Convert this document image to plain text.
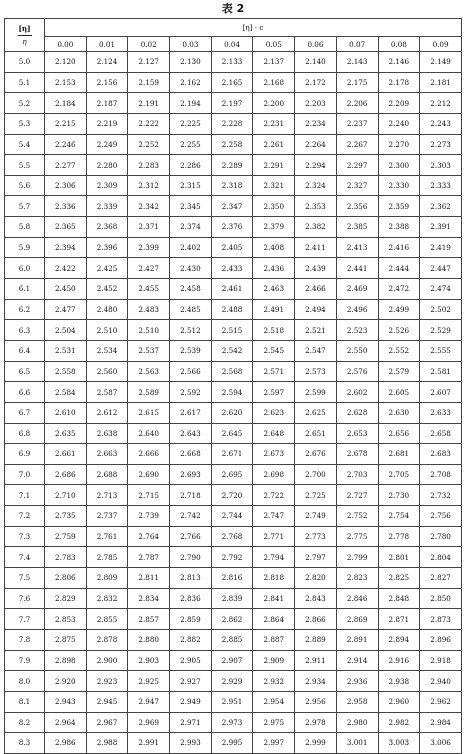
表 2
[η]
η	[η] · c									
	0.00	0.01	0.02	0.03	0.04	0.05	0.06	0.07	0.08	0.09
5.0	2.120	2.124	2.127	2.130	2.133	2.137	2.140	2.143	2.146	2.149
5.1	2.153	2.156	2.159	2.162	2.165	2.168	2.172	2.175	2.178	2.181
5.2	2.184	2.187	2.191	2.194	2.197	2.200	2.203	2.206	2.209	2.212
5.3	2.215	2.219	2.222	2.225	2.228	2.231	2.234	2.237	2.240	2.243
5.4	2.246	2.249	2.252	2.255	2.258	2.261	2.264	2.267	2.270	2.273
5.5	2.277	2.280	2.283	2.286	2.289	2.291	2.294	2.297	2.300	2.303
5.6	2.306	2.309	2.312	2.315	2.318	2.321	2.324	2.327	2.330	2.333
5.7	2.336	2.339	2.342	2.345	2.347	2.350	2.353	2.356	2.359	2.362
5.8	2.365	2.368	2.371	2.374	2.376	2.379	2.382	2.385	2.388	2.391
5.9	2.394	2.396	2.399	2.402	2.405	2.408	2.411	2.413	2.416	2.419
6.0	2.422	2.425	2.427	2.430	2.433	2.436	2.439	2.441	2.444	2.447
6.1	2.450	2.452	2.455	2.458	2.461	2.463	2.466	2.469	2.472	2.474
6.2	2.477	2.480	2.483	2.485	2.488	2.491	2.494	2.496	2.499	2.502
6.3	2.504	2.510	2.510	2.512	2.515	2.518	2.521	2.523	2.526	2.529
6.4	2.531	2.534	2.537	2.539	2.542	2.545	2.547	2.550	2.552	2.555
6.5	2.558	2.560	2.563	2.566	2.568	2.571	2.573	2.576	2.579	2.581
6.6	2.584	2.587	2.589	2.592	2.594	2.597	2.599	2.602	2.605	2.607
6.7	2.610	2.612	2.615	2.617	2.620	2.623	2.625	2.628	2.630	2.633
6.8	2.635	2.638	2.640	2.643	2.645	2.648	2.651	2.653	2.656	2.658
6.9	2.661	2.663	2.666	2.668	2.671	2.673	2.676	2.678	2.681	2.683
7.0	2.686	2.688	2.690	2.693	2.695	2.698	2.700	2.703	2.705	2.708
7.1	2.710	2.713	2.715	2.718	2.720	2.722	2.725	2.727	2.730	2.732
7.2	2.735	2.737	2.739	2.742	2.744	2.747	2.749	2.752	2.754	2.756
7.3	2.759	2.761	2.764	2.766	2.768	2.771	2.773	2.775	2.778	2.780
7.4	2.783	2.785	2.787	2.790	2.792	2.794	2.797	2.799	2.801	2.804
7.5	2.806	2.809	2.811	2.813	2.816	2.818	2.820	2.823	2.825	2.827
7.6	2.829	2.832	2.834	2.836	2.839	2.841	2.843	2.846	2.848	2.850
7.7	2.853	2.855	2.857	2.859	2.862	2.864	2.866	2.869	2.871	2.873
7.8	2.875	2.878	2.880	2.882	2.885	2.887	2.889	2.891	2.894	2.896
7.9	2.898	2.900	2.903	2.905	2.907	2.909	2.911	2.914	2.916	2.918
8.0	2.920	2.923	2.925	2.927	2.929	2.932	2.934	2.936	2.938	2.940
8.1	2.943	2.945	2.947	2.949	2.951	2.954	2.956	2.958	2.960	2.962
8.2	2.964	2.967	2.969	2.971	2.973	2.975	2.978	2.980	2.982	2.984
8.3	2.986	2.988	2.991	2.993	2.995	2.997	2.999	3.001	3.003	3.006
